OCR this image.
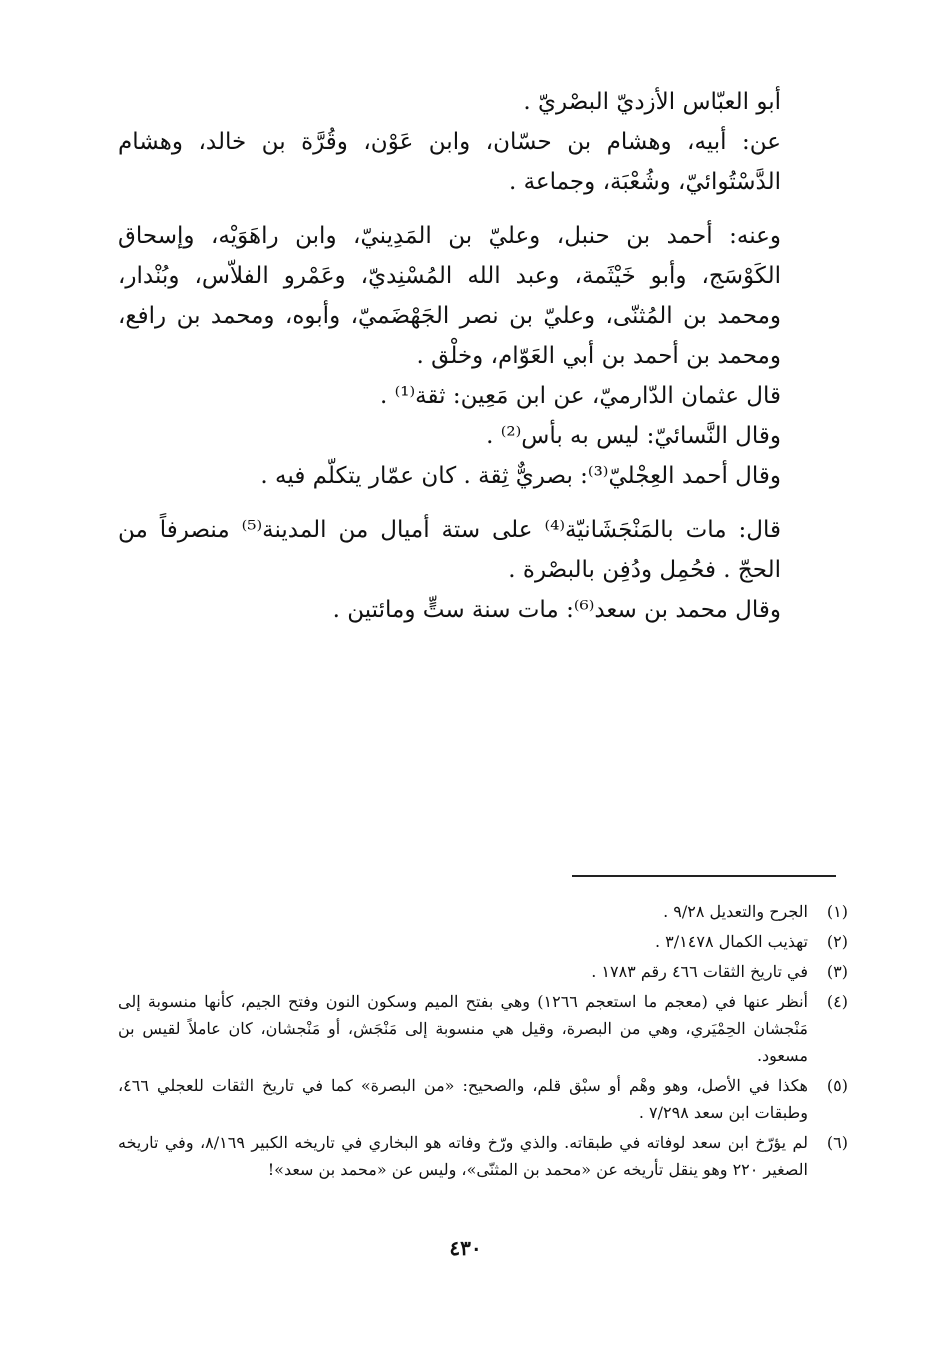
أبو العبّاس الأزديّ البصْريّ .

عن: أبيه، وهشام بن حسّان، وابن عَوْن، وقُرَّة بن خالد، وهشام الدَّسْتُوائيّ، وشُعْبَة، وجماعة .

وعنه: أحمد بن حنبل، وعليّ بن المَدِينيّ، وابن راهَوَيْه، وإسحاق الكَوْسَج، وأبو خَيْثَمة، وعبد الله المُسْنِديّ، وعَمْرو الفلاّس، وبُنْدار، ومحمد بن المُثنّى، وعليّ بن نصر الجَهْضَميّ، وأبوه، ومحمد بن رافع، ومحمد بن أحمد بن أبي العَوّام، وخلْق .

قال عثمان الدّارميّ، عن ابن مَعِين: ثقة⁽¹⁾ .

وقال النَّسائيّ: ليس به بأس⁽²⁾ .

وقال أحمد العِجْليّ⁽³⁾: بصريٌّ ثِقة . كان عمّار يتكلّم فيه .

قال: مات بالمَنْجَشَانيّة⁽⁴⁾ على ستة أميال من المدينة⁽⁵⁾ منصرفاً من الحجّ . فحُمِل ودُفِن بالبصْرة .

وقال محمد بن سعد⁽⁶⁾: مات سنة ستٍّ ومائتين .

(١)
الجرح والتعديل ٩/٢٨ .
(٢)
تهذيب الكمال ٣/١٤٧٨ .
(٣)
في تاريخ الثقات ٤٦٦ رقم ١٧٨٣ .
(٤)
أنظر عنها في (معجم ما استعجم ١٢٦٦) وهي بفتح الميم وسكون النون وفتح الجيم، كأنها منسوبة إلى مَنْجشان الحِمْيَري، وهي من البصرة، وقيل هي منسوبة إلى مَنْجَش، أو مَنْجشان، كان عاملاً لقيس بن مسعود.
(٥)
هكذا في الأصل، وهو وهْم أو سبْق قلم، والصحيح: «من البصرة» كما في تاريخ الثقات للعجلي ٤٦٦، وطبقات ابن سعد ٧/٢٩٨ .
(٦)
لم يؤرّخ ابن سعد لوفاته في طبقاته. والذي ورّخ وفاته هو البخاري في تاريخه الكبير ٨/١٦٩، وفي تاريخه الصغير ٢٢٠ وهو ينقل تأريخه عن «محمد بن المثنّى»، وليس عن «محمد بن سعد»!
٤٣٠
